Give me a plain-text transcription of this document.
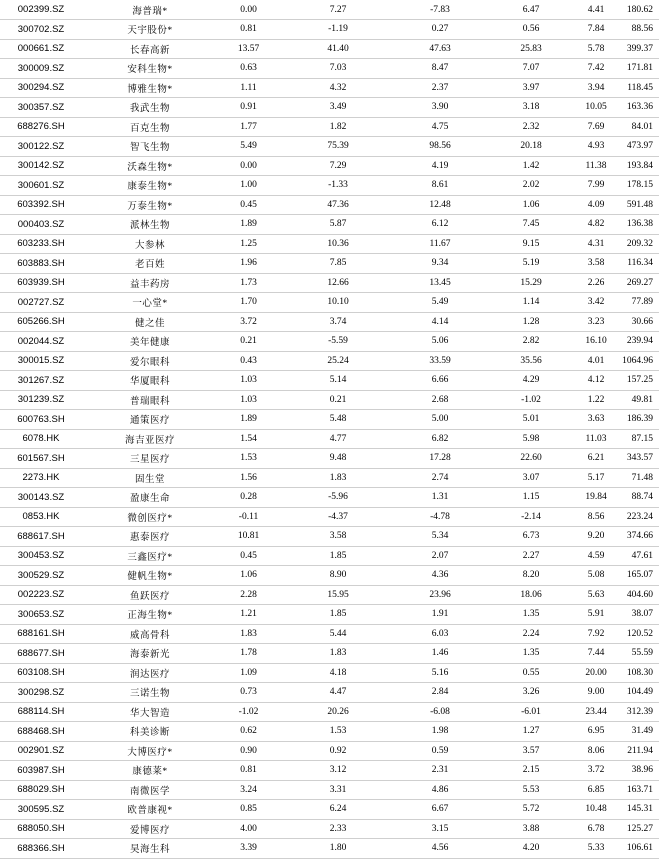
002399.SZ	海普瑞*	0.00	7.27	-7.83	6.47	4.41	180.62
300702.SZ	天宇股份*	0.81	-1.19	0.27	0.56	7.84	88.56
000661.SZ	长春高新	13.57	41.40	47.63	25.83	5.78	399.37
300009.SZ	安科生物*	0.63	7.03	8.47	7.07	7.42	171.81
300294.SZ	博雅生物*	1.11	4.32	2.37	3.97	3.94	118.45
300357.SZ	我武生物	0.91	3.49	3.90	3.18	10.05	163.36
688276.SH	百克生物	1.77	1.82	4.75	2.32	7.69	84.01
300122.SZ	智飞生物	5.49	75.39	98.56	20.18	4.93	473.97
300142.SZ	沃森生物*	0.00	7.29	4.19	1.42	11.38	193.84
300601.SZ	康泰生物*	1.00	-1.33	8.61	2.02	7.99	178.15
603392.SH	万泰生物*	0.45	47.36	12.48	1.06	4.09	591.48
000403.SZ	派林生物	1.89	5.87	6.12	7.45	4.82	136.38
603233.SH	大参林	1.25	10.36	11.67	9.15	4.31	209.32
603883.SH	老百姓	1.96	7.85	9.34	5.19	3.58	116.34
603939.SH	益丰药房	1.73	12.66	13.45	15.29	2.26	269.27
002727.SZ	一心堂*	1.70	10.10	5.49	1.14	3.42	77.89
605266.SH	健之佳	3.72	3.74	4.14	1.28	3.23	30.66
002044.SZ	美年健康	0.21	-5.59	5.06	2.82	16.10	239.94
300015.SZ	爱尔眼科	0.43	25.24	33.59	35.56	4.01	1064.96
301267.SZ	华厦眼科	1.03	5.14	6.66	4.29	4.12	157.25
301239.SZ	普瑞眼科	1.03	0.21	2.68	-1.02	1.22	49.81
600763.SH	通策医疗	1.89	5.48	5.00	5.01	3.63	186.39
6078.HK	海吉亚医疗	1.54	4.77	6.82	5.98	11.03	87.15
601567.SH	三星医疗	1.53	9.48	17.28	22.60	6.21	343.57
2273.HK	固生堂	1.56	1.83	2.74	3.07	5.17	71.48
300143.SZ	盈康生命	0.28	-5.96	1.31	1.15	19.84	88.74
0853.HK	微创医疗*	-0.11	-4.37	-4.78	-2.14	8.56	223.24
688617.SH	惠泰医疗	10.81	3.58	5.34	6.73	9.20	374.66
300453.SZ	三鑫医疗*	0.45	1.85	2.07	2.27	4.59	47.61
300529.SZ	健帆生物*	1.06	8.90	4.36	8.20	5.08	165.07
002223.SZ	鱼跃医疗	2.28	15.95	23.96	18.06	5.63	404.60
300653.SZ	正海生物*	1.21	1.85	1.91	1.35	5.91	38.07
688161.SH	威高骨科	1.83	5.44	6.03	2.24	7.92	120.52
688677.SH	海泰新光	1.78	1.83	1.46	1.35	7.44	55.59
603108.SH	润达医疗	1.09	4.18	5.16	0.55	20.00	108.30
300298.SZ	三诺生物	0.73	4.47	2.84	3.26	9.00	104.49
688114.SH	华大智造	-1.02	20.26	-6.08	-6.01	23.44	312.39
688468.SH	科美诊断	0.62	1.53	1.98	1.27	6.95	31.49
002901.SZ	大博医疗*	0.90	0.92	0.59	3.57	8.06	211.94
603987.SH	康德莱*	0.81	3.12	2.31	2.15	3.72	38.96
688029.SH	南微医学	3.24	3.31	4.86	5.53	6.85	163.71
300595.SZ	欧普康视*	0.85	6.24	6.67	5.72	10.48	145.31
688050.SH	爱博医疗	4.00	2.33	3.15	3.88	6.78	125.27
688366.SH	昊海生科	3.39	1.80	4.56	4.20	5.33	106.61
